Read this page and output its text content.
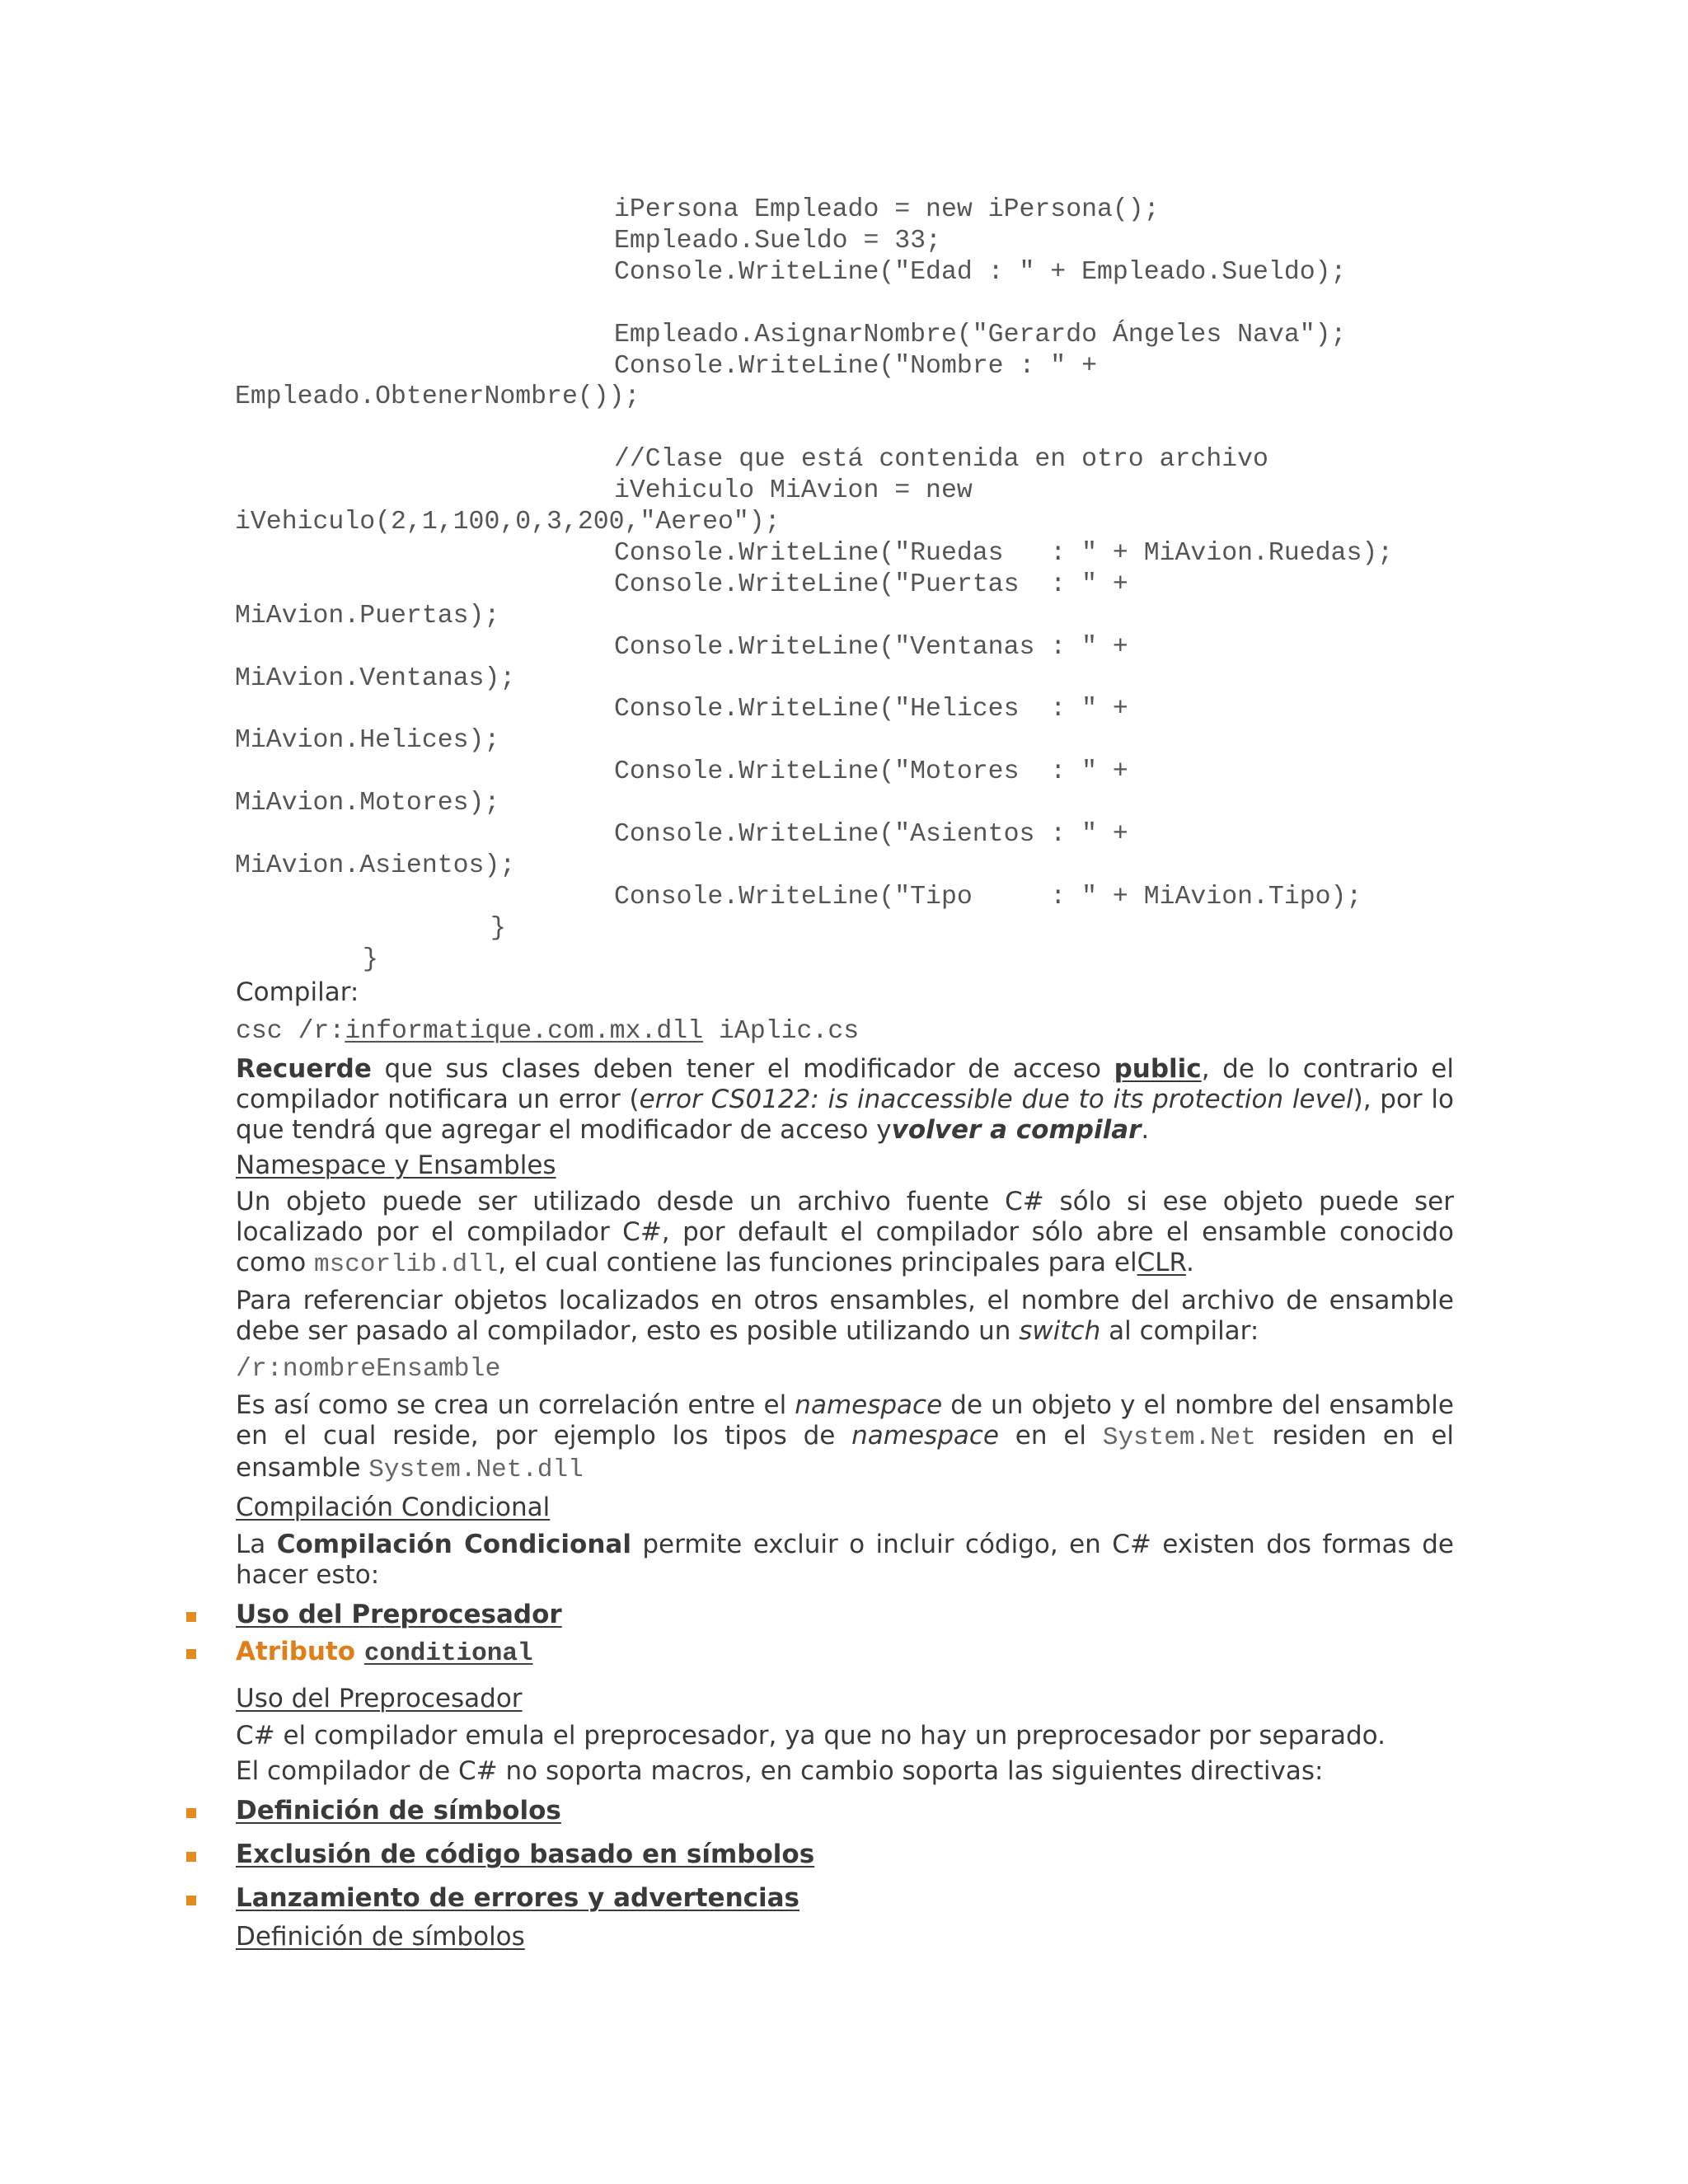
iPersona Empleado = new iPersona();
Empleado.Sueldo = 33;
Console.WriteLine("Edad : " + Empleado.Sueldo);
Empleado.AsignarNombre("Gerardo Ángeles Nava");
Console.WriteLine("Nombre : " +
Empleado.ObtenerNombre());
//Clase que está contenida en otro archivo
iVehiculo MiAvion = new
iVehiculo(2,1,100,0,3,200,"Aereo");
Console.WriteLine("Ruedas   : " + MiAvion.Ruedas);
Console.WriteLine("Puertas  : " +
MiAvion.Puertas);
Console.WriteLine("Ventanas : " +
MiAvion.Ventanas);
Console.WriteLine("Helices  : " +
MiAvion.Helices);
Console.WriteLine("Motores  : " +
MiAvion.Motores);
Console.WriteLine("Asientos : " +
MiAvion.Asientos);
Console.WriteLine("Tipo     : " + MiAvion.Tipo);
}
}
Compilar:
csc /r:informatique.com.mx.dll iAplic.cs
Recuerde que sus clases deben tener el modificador de acceso public, de lo contrario el compilador notificara un error (error CS0122: is inaccessible due to its protection level), por lo que tendrá que agregar el modificador de acceso yvolver a compilar.
Namespace y Ensambles
Un objeto puede ser utilizado desde un archivo fuente C# sólo si ese objeto puede ser localizado por el compilador C#, por default el compilador sólo abre el ensamble conocido como mscorlib.dll, el cual contiene las funciones principales para elCLR.
Para referenciar objetos localizados en otros ensambles, el nombre del archivo de ensamble debe ser pasado al compilador, esto es posible utilizando un switch al compilar:
/r:nombreEnsamble
Es así como se crea un correlación entre el namespace de un objeto y el nombre del ensamble en el cual reside, por ejemplo los tipos de namespace en el System.Net residen en el ensamble System.Net.dll
Compilación Condicional
La Compilación Condicional permite excluir o incluir código, en C# existen dos formas de hacer esto:
Uso del Preprocesador
Atributo conditional
Uso del Preprocesador
C# el compilador emula el preprocesador, ya que no hay un preprocesador por separado.
El compilador de C# no soporta macros, en cambio soporta las siguientes directivas:
Definición de símbolos
Exclusión de código basado en símbolos
Lanzamiento de errores y advertencias
Definición de símbolos
